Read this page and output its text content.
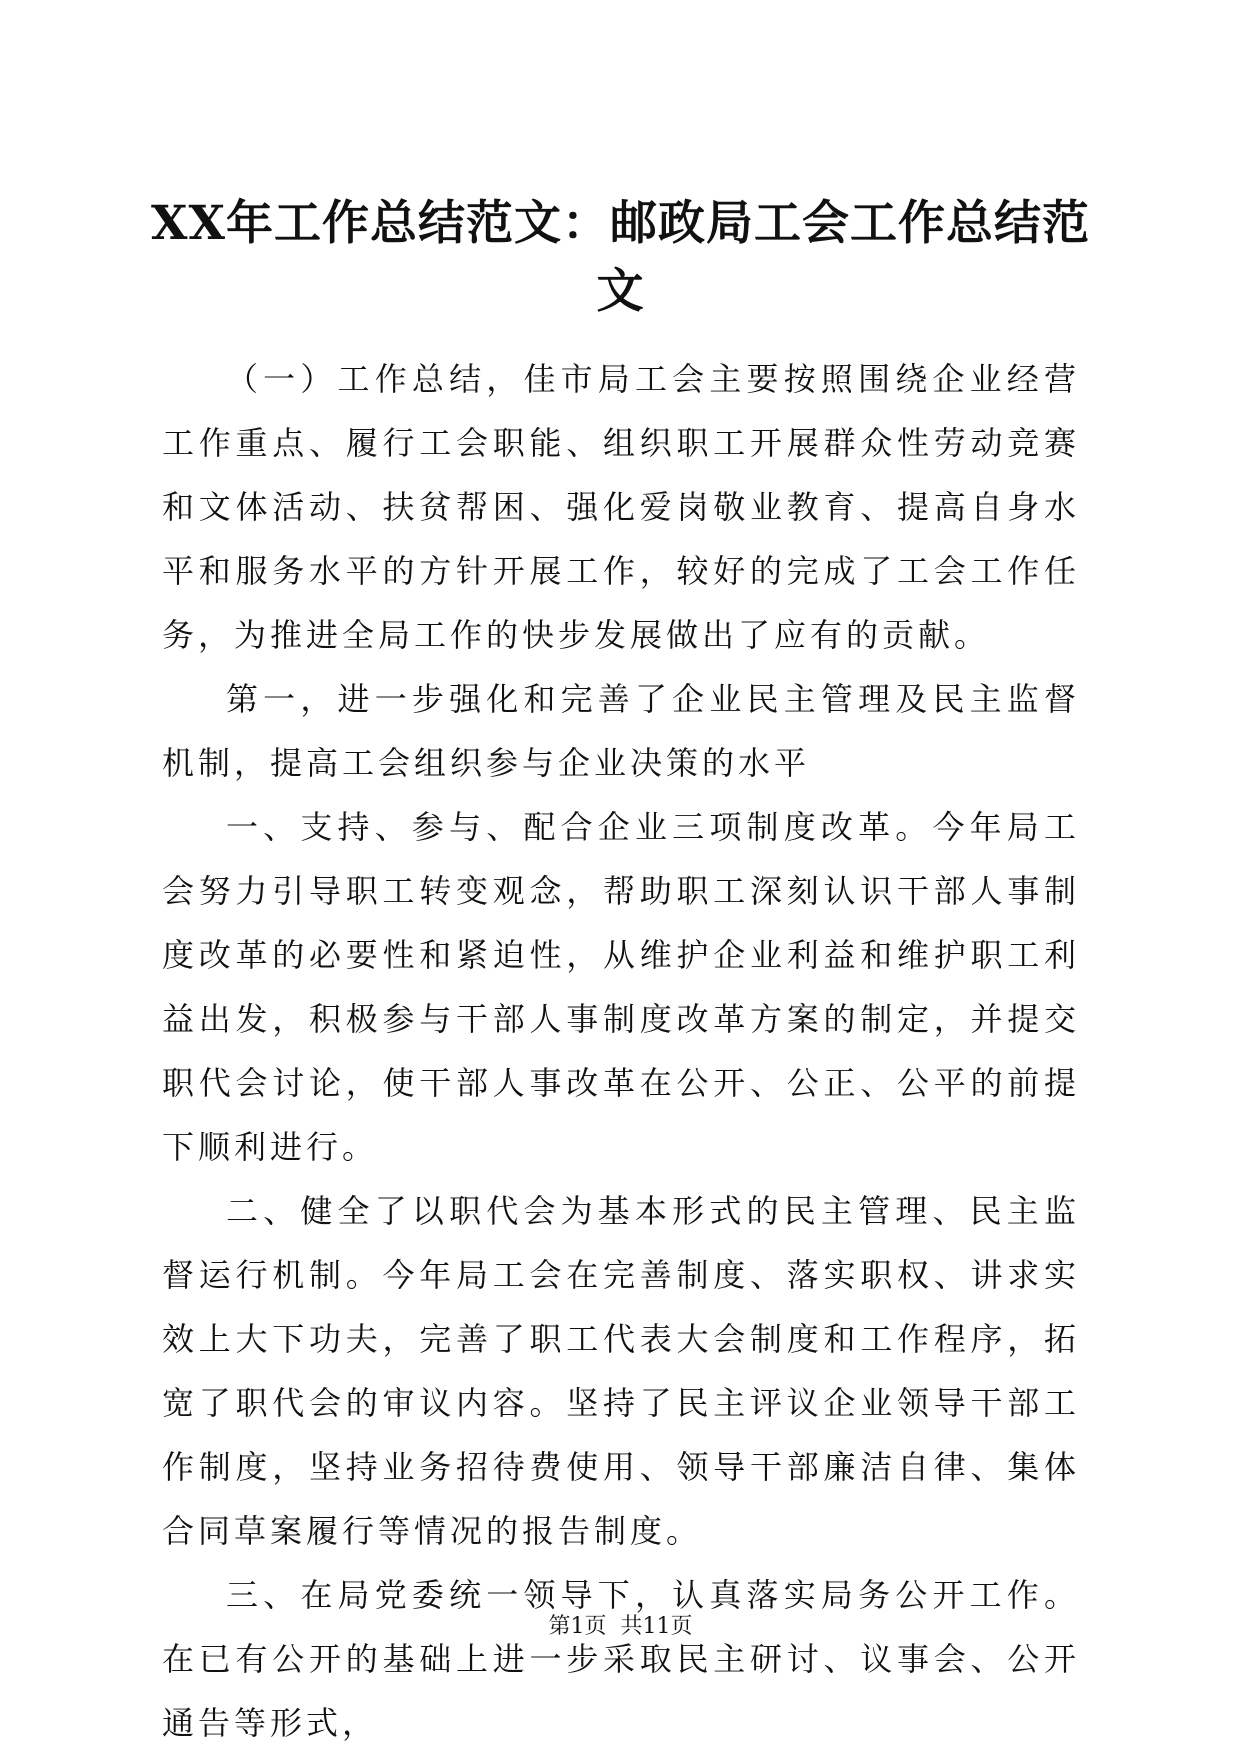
XX年工作总结范文：邮政局工会工作总结范文

（一）工作总结，佳市局工会主要按照围绕企业经营工作重点、履行工会职能、组织职工开展群众性劳动竞赛和文体活动、扶贫帮困、强化爱岗敬业教育、提高自身水平和服务水平的方针开展工作，较好的完成了工会工作任务，为推进全局工作的快步发展做出了应有的贡献。

第一，进一步强化和完善了企业民主管理及民主监督机制，提高工会组织参与企业决策的水平

一、支持、参与、配合企业三项制度改革。今年局工会努力引导职工转变观念，帮助职工深刻认识干部人事制度改革的必要性和紧迫性，从维护企业利益和维护职工利益出发，积极参与干部人事制度改革方案的制定，并提交职代会讨论，使干部人事改革在公开、公正、公平的前提下顺利进行。

二、健全了以职代会为基本形式的民主管理、民主监督运行机制。今年局工会在完善制度、落实职权、讲求实效上大下功夫，完善了职工代表大会制度和工作程序，拓宽了职代会的审议内容。坚持了民主评议企业领导干部工作制度，坚持业务招待费使用、领导干部廉洁自律、集体合同草案履行等情况的报告制度。

三、在局党委统一领导下，认真落实局务公开工作。在已有公开的基础上进一步采取民主研讨、议事会、公开通告等形式，

第1页 共11页
